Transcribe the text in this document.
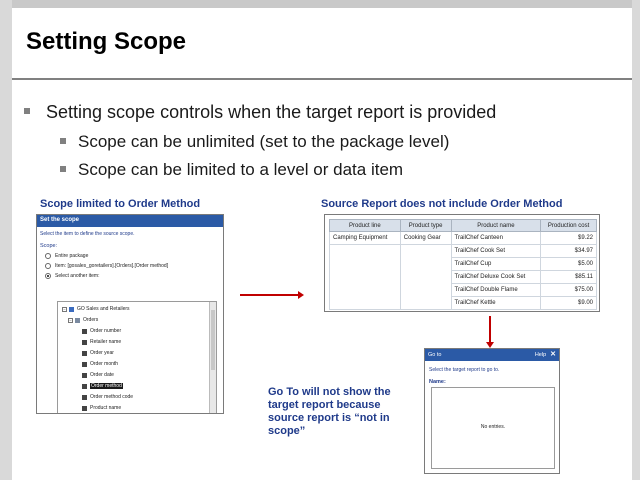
Setting Scope
Setting scope controls when the target report is provided
Scope can be unlimited (set to the package level)
Scope can be limited to a level or data item
Scope limited to Order Method	Source Report does not include Order Method
Set the scope
Select the item to define the source scope.
Scope:
Entire package
Item: [gosales_goretailers].[Orders].[Order method]
Select another item:
− GO Sales and Retailers
− Orders
Order number
Retailer name
Order year
Order month
Order date
Order method
Order method code
Product name
Product line	Product type	Product name	Production cost
Camping Equipment	Cooking Gear	TrailChef Canteen	$9.22
		TrailChef Cook Set	$34.97
		TrailChef Cup	$5.00
		TrailChef Deluxe Cook Set	$85.11
		TrailChef Double Flame	$75.00
		TrailChef Kettle	$9.00
Go to	Help ✕
Select the target report to go to.
Name:
No entries.
Go To will not show the target report because source report is “not in scope”
